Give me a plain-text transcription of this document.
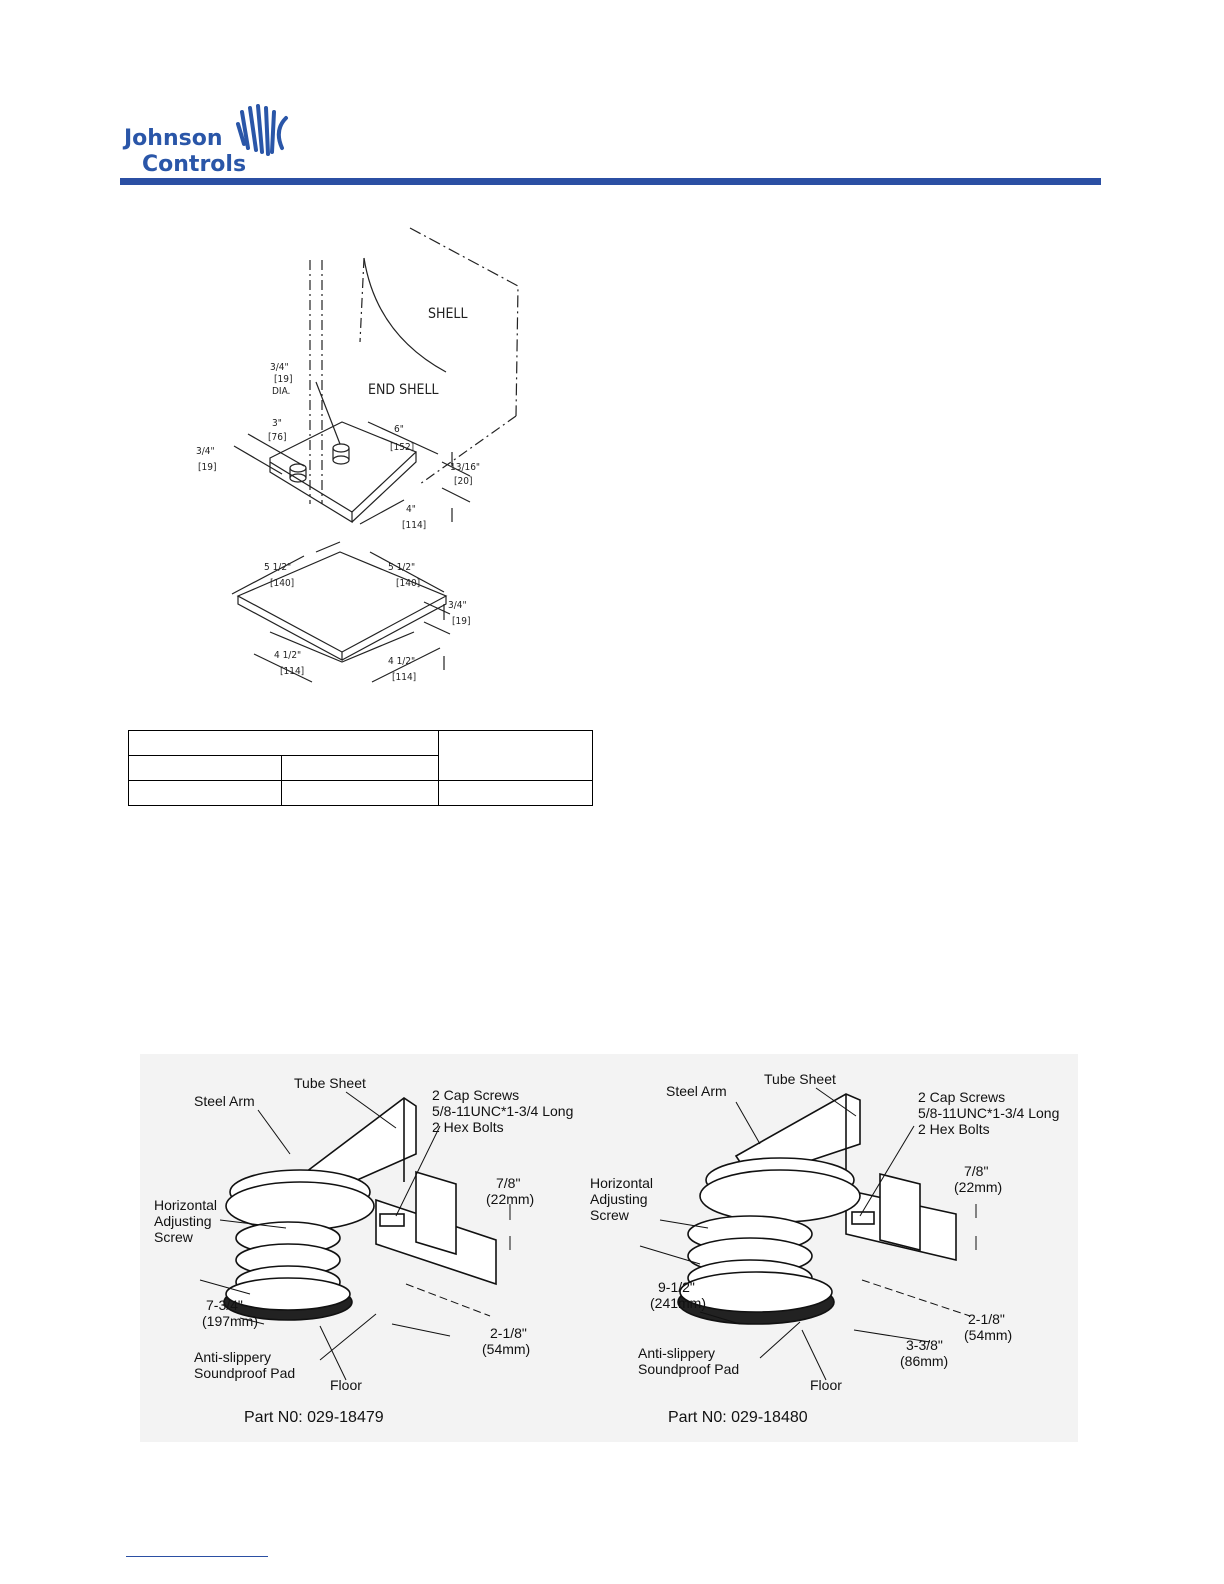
Johnson
Controls
SHELL
END SHELL
3/4"
[19]
DIA.
3"
[76]
3/4"
[19]
6"
[152]
13/16"
[20]
4"
[114]
5 1/2"
[140]
5 1/2"
[140]
3/4"
[19]
4 1/2"
[114]
4 1/2"
[114]

Steel Arm
Tube Sheet
2 Cap Screws
5/8-11UNC*1-3/4 Long
2 Hex Bolts
Horizontal
Adjusting
Screw
7/8"
(22mm)
7-3/4"
(197mm)
2-1/8"
(54mm)
Anti-slippery
Soundproof Pad
Floor
Part N0: 029-18479
Steel Arm
Tube Sheet
2 Cap Screws
5/8-11UNC*1-3/4 Long
2 Hex Bolts
Horizontal
Adjusting
Screw
7/8"
(22mm)
9-1/2"
(241mm)
2-1/8"
(54mm)
3-3/8"
(86mm)
Anti-slippery
Soundproof Pad
Floor
Part N0: 029-18480
